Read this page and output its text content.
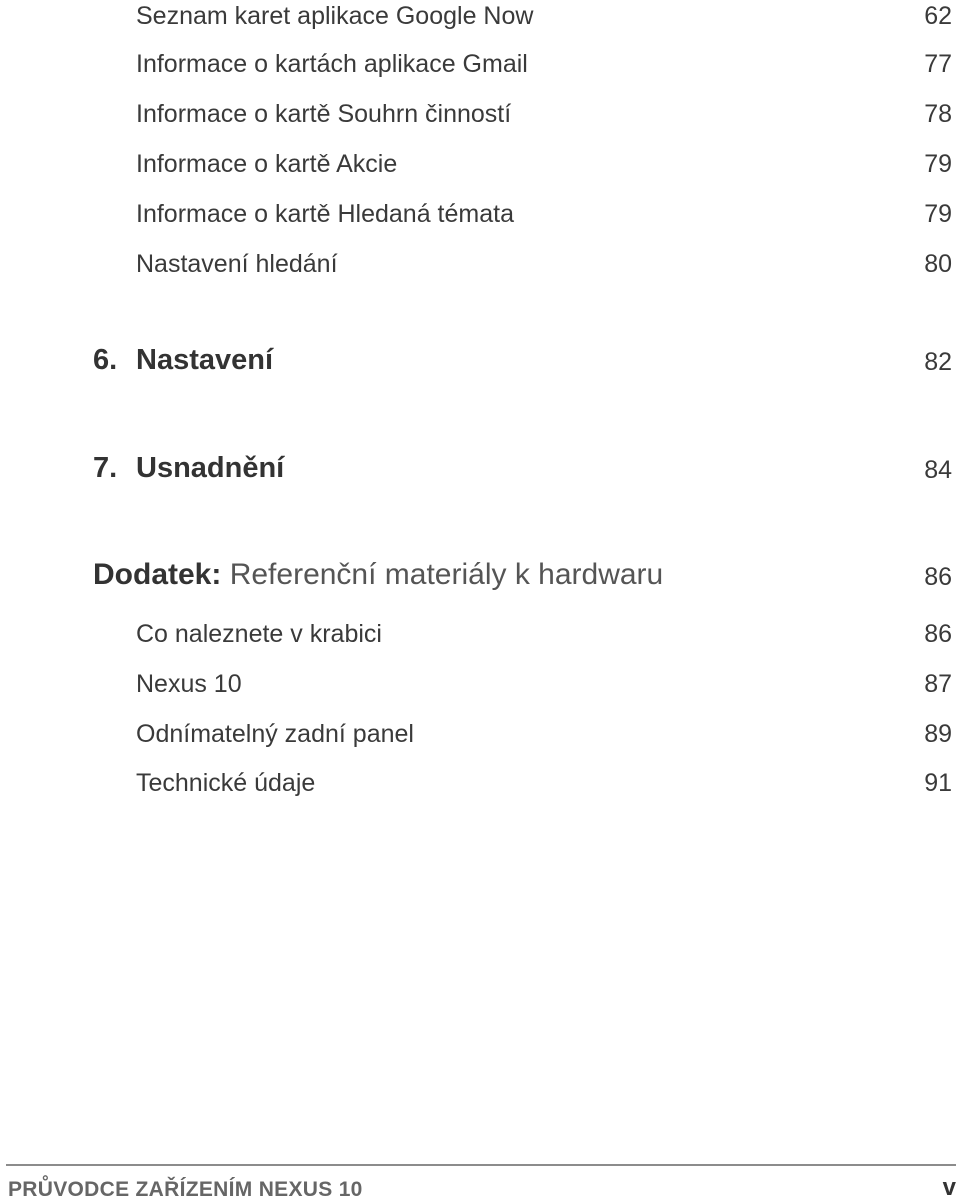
Seznam karet aplikace Google Now	62
Informace o kartách aplikace Gmail	77
Informace o kartě Souhrn činností	78
Informace o kartě Akcie	79
Informace o kartě Hledaná témata	79
Nastavení hledání	80
6. Nastavení	82
7. Usnadnění	84
Dodatek: Referenční materiály k hardwaru	86
Co naleznete v krabici	86
Nexus 10	87
Odnímatelný zadní panel	89
Technické údaje	91
PRŮVODCE ZAŘÍZENÍM NEXUS 10	v
